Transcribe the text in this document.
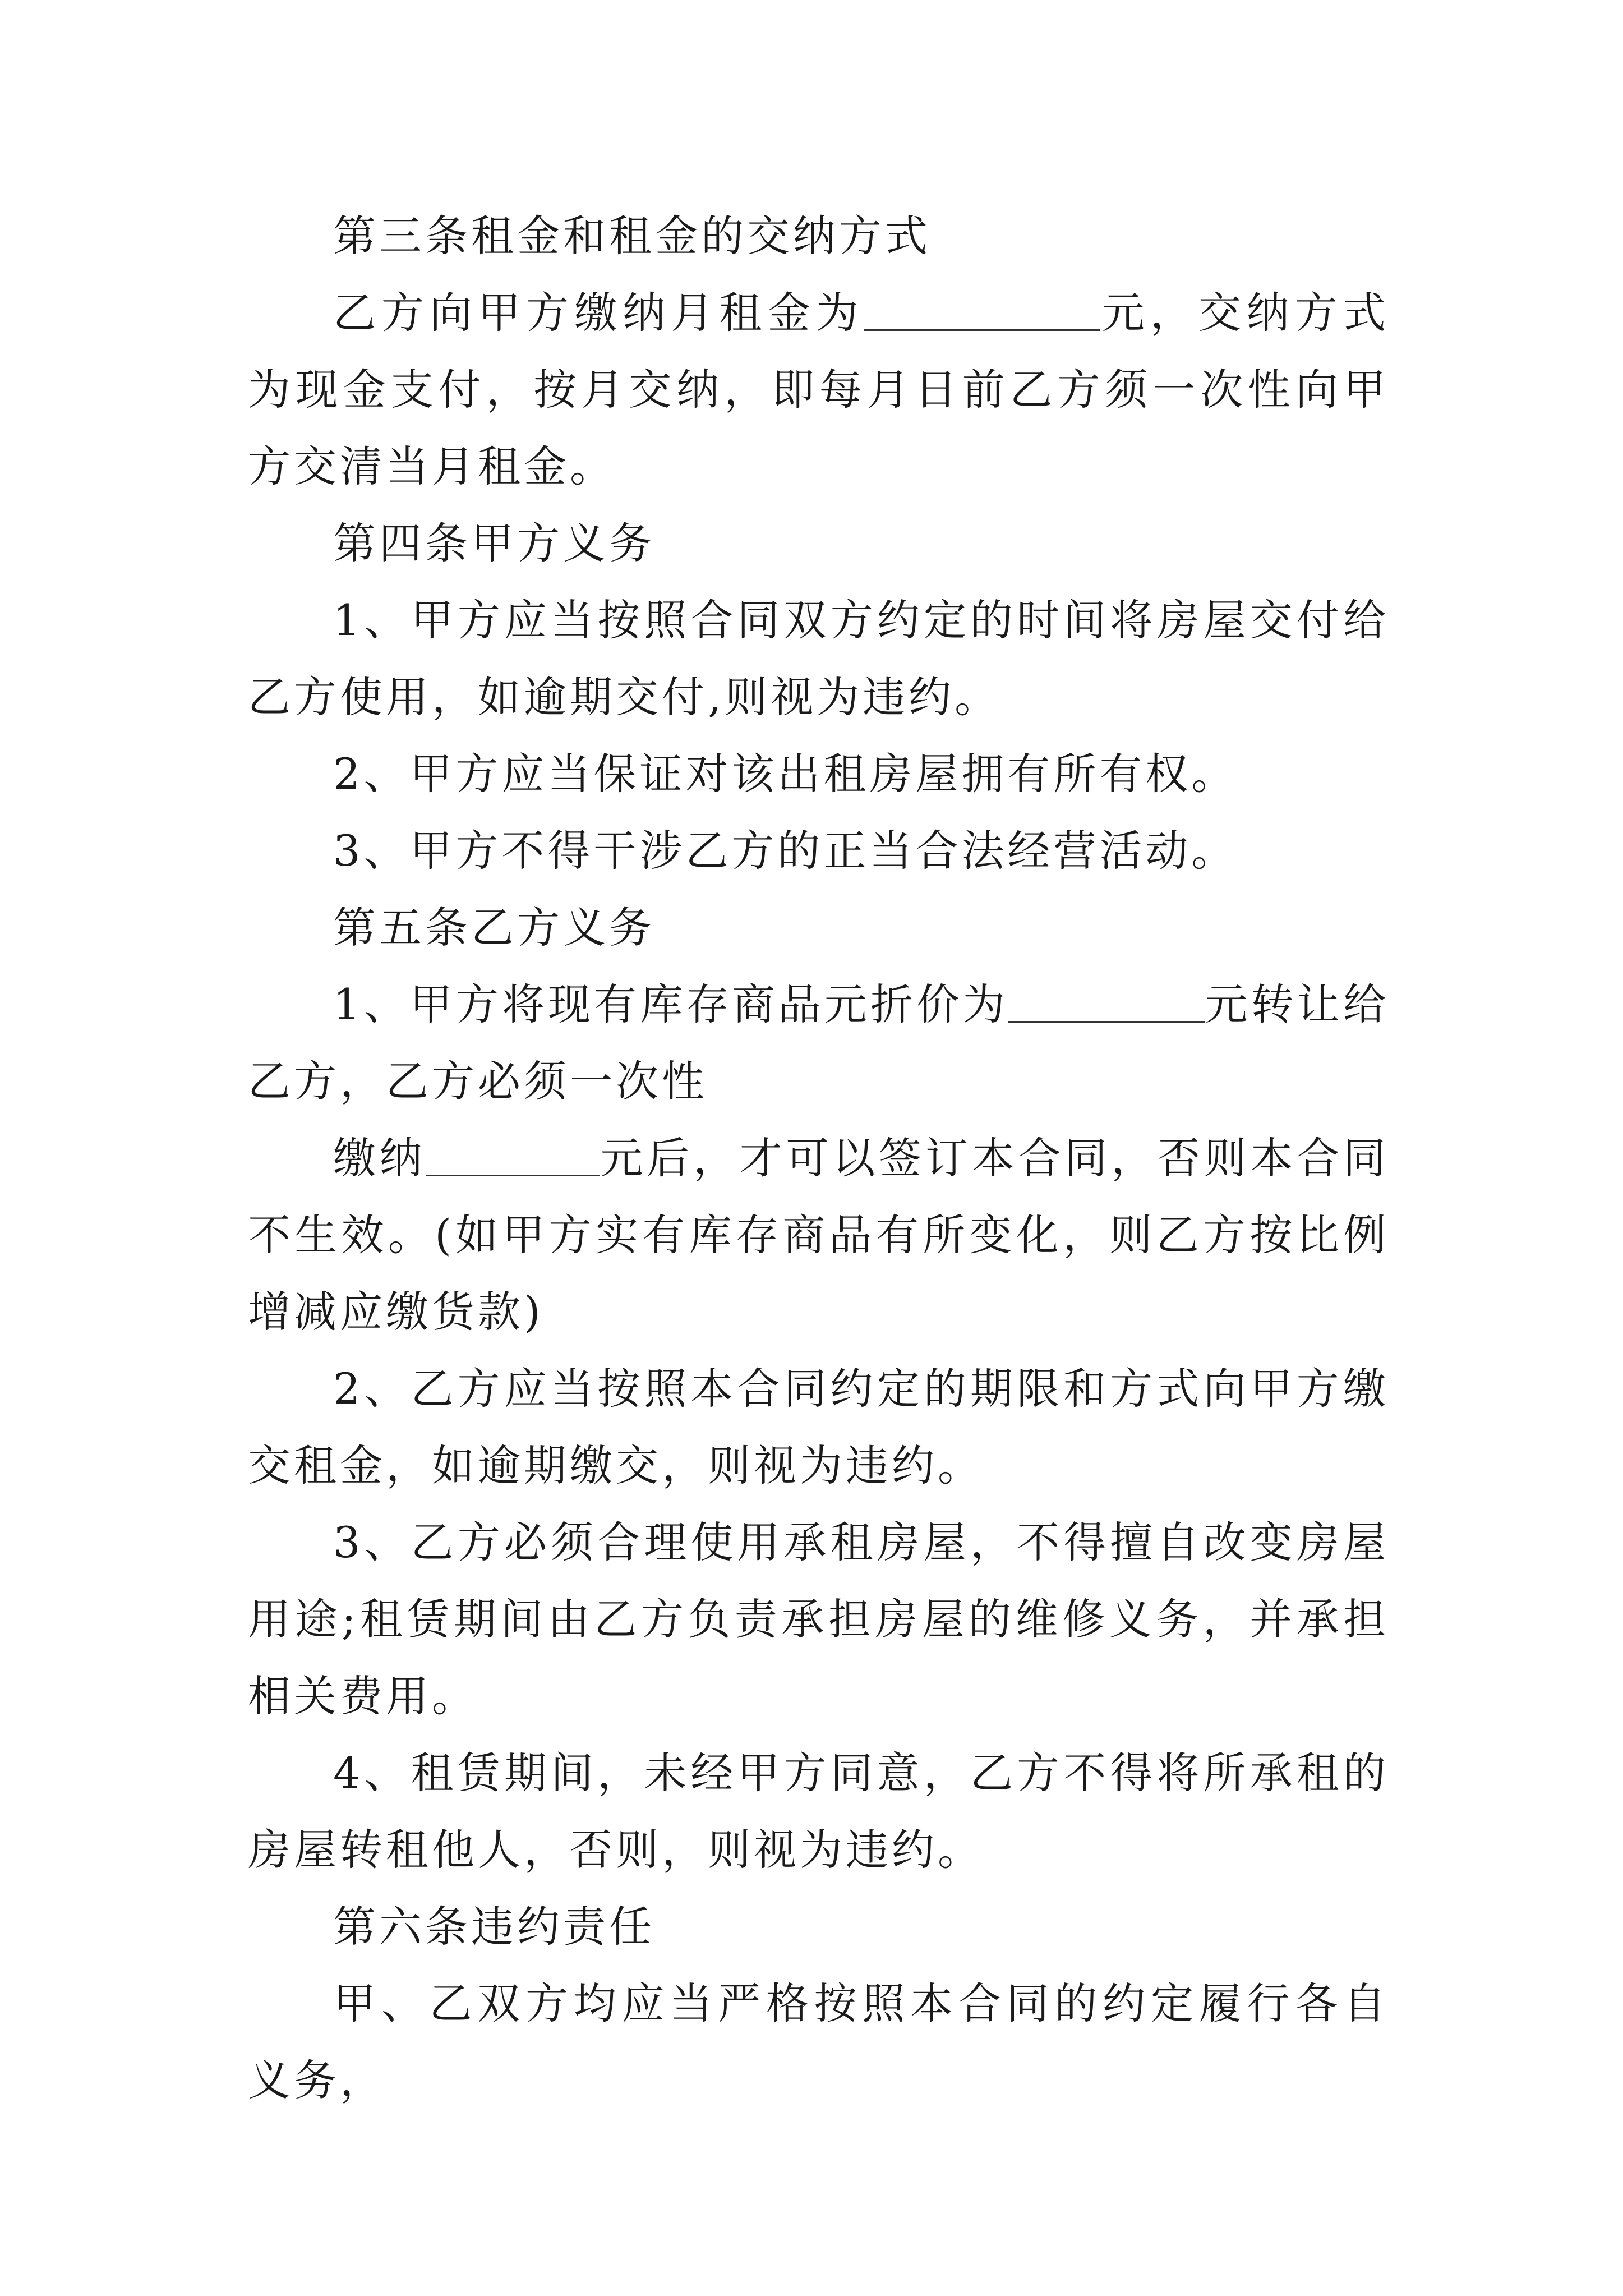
第三条租金和租金的交纳方式

乙方向甲方缴纳月租金为	元，交纳方式为现金支付，按月交纳，即每月日前乙方须一次性向甲方交清当月租金。

第四条甲方义务

1、甲方应当按照合同双方约定的时间将房屋交付给乙方使用，如逾期交付,则视为违约。

2、甲方应当保证对该出租房屋拥有所有权。

3、甲方不得干涉乙方的正当合法经营活动。

第五条乙方义务

1、甲方将现有库存商品元折价为	元转让给乙方，乙方必须一次性

缴纳	元后，才可以签订本合同，否则本合同不生效。(如甲方实有库存商品有所变化，则乙方按比例增减应缴货款)

2、乙方应当按照本合同约定的期限和方式向甲方缴交租金，如逾期缴交，则视为违约。

3、乙方必须合理使用承租房屋，不得擅自改变房屋用途;租赁期间由乙方负责承担房屋的维修义务，并承担相关费用。

4、租赁期间，未经甲方同意，乙方不得将所承租的房屋转租他人，否则，则视为违约。

第六条违约责任

甲、乙双方均应当严格按照本合同的约定履行各自义务，
